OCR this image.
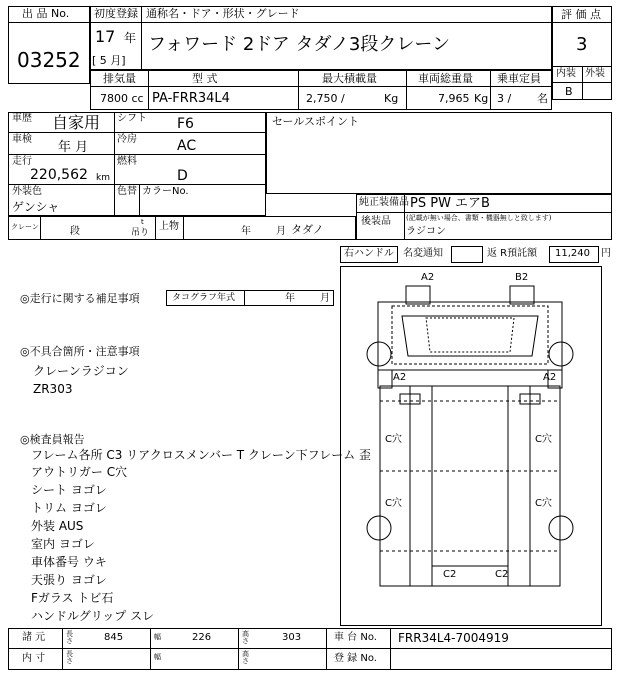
出 品 No.
03252
初度登録 通称名・ドア・形状・グレード
17 年
[ 5 月]
フォワード 2ドア タダノ3段クレーン
評 価 点
3
内装 外装
B
排気量	型 式	最大積載量	車両総重量 乗車定員
7800 cc PA-FRR34L4	2,750 /	Kg	7,965 Kg 3 / 名
車歴 自家用 シフト F6
車検
年 月
冷房	AC
走行
220,562 km
燃料
D
外装色
ゲンシャ
色替 カラーNo.
セールスポイント
純正装備品 PS PW エアB
後装品 (記載が無い場合、書類・機器無しと致します)
ラジコン
クレーン	段
t
吊り
上物	年	月 タダノ
右ハンドル 名変通知	返 R預託額 11,240 円
◎走行に関する補足事項	タコグラフ年式	年	月
◎不具合箇所・注意事項
クレーンラジコン
ZR303
◎検査員報告
フレーム各所 C3 リアクロスメンバー T クレーン下フレーム 歪
アウトリガー C穴
シート ヨゴレ
トリム ヨゴレ
外装 AUS
室内 ヨゴレ
車体番号 ウキ
天張り ヨゴレ
Fガラス トビ石
ハンドルグリップ スレ
A2	B2
A2	A2
C穴	C穴
C穴	C穴
C2	C2
諸 元	長さ	845	幅	226	高さ	303	車 台 No. FRR34L4-7004919
内 寸	長さ	幅	高さ	登 録 No.
